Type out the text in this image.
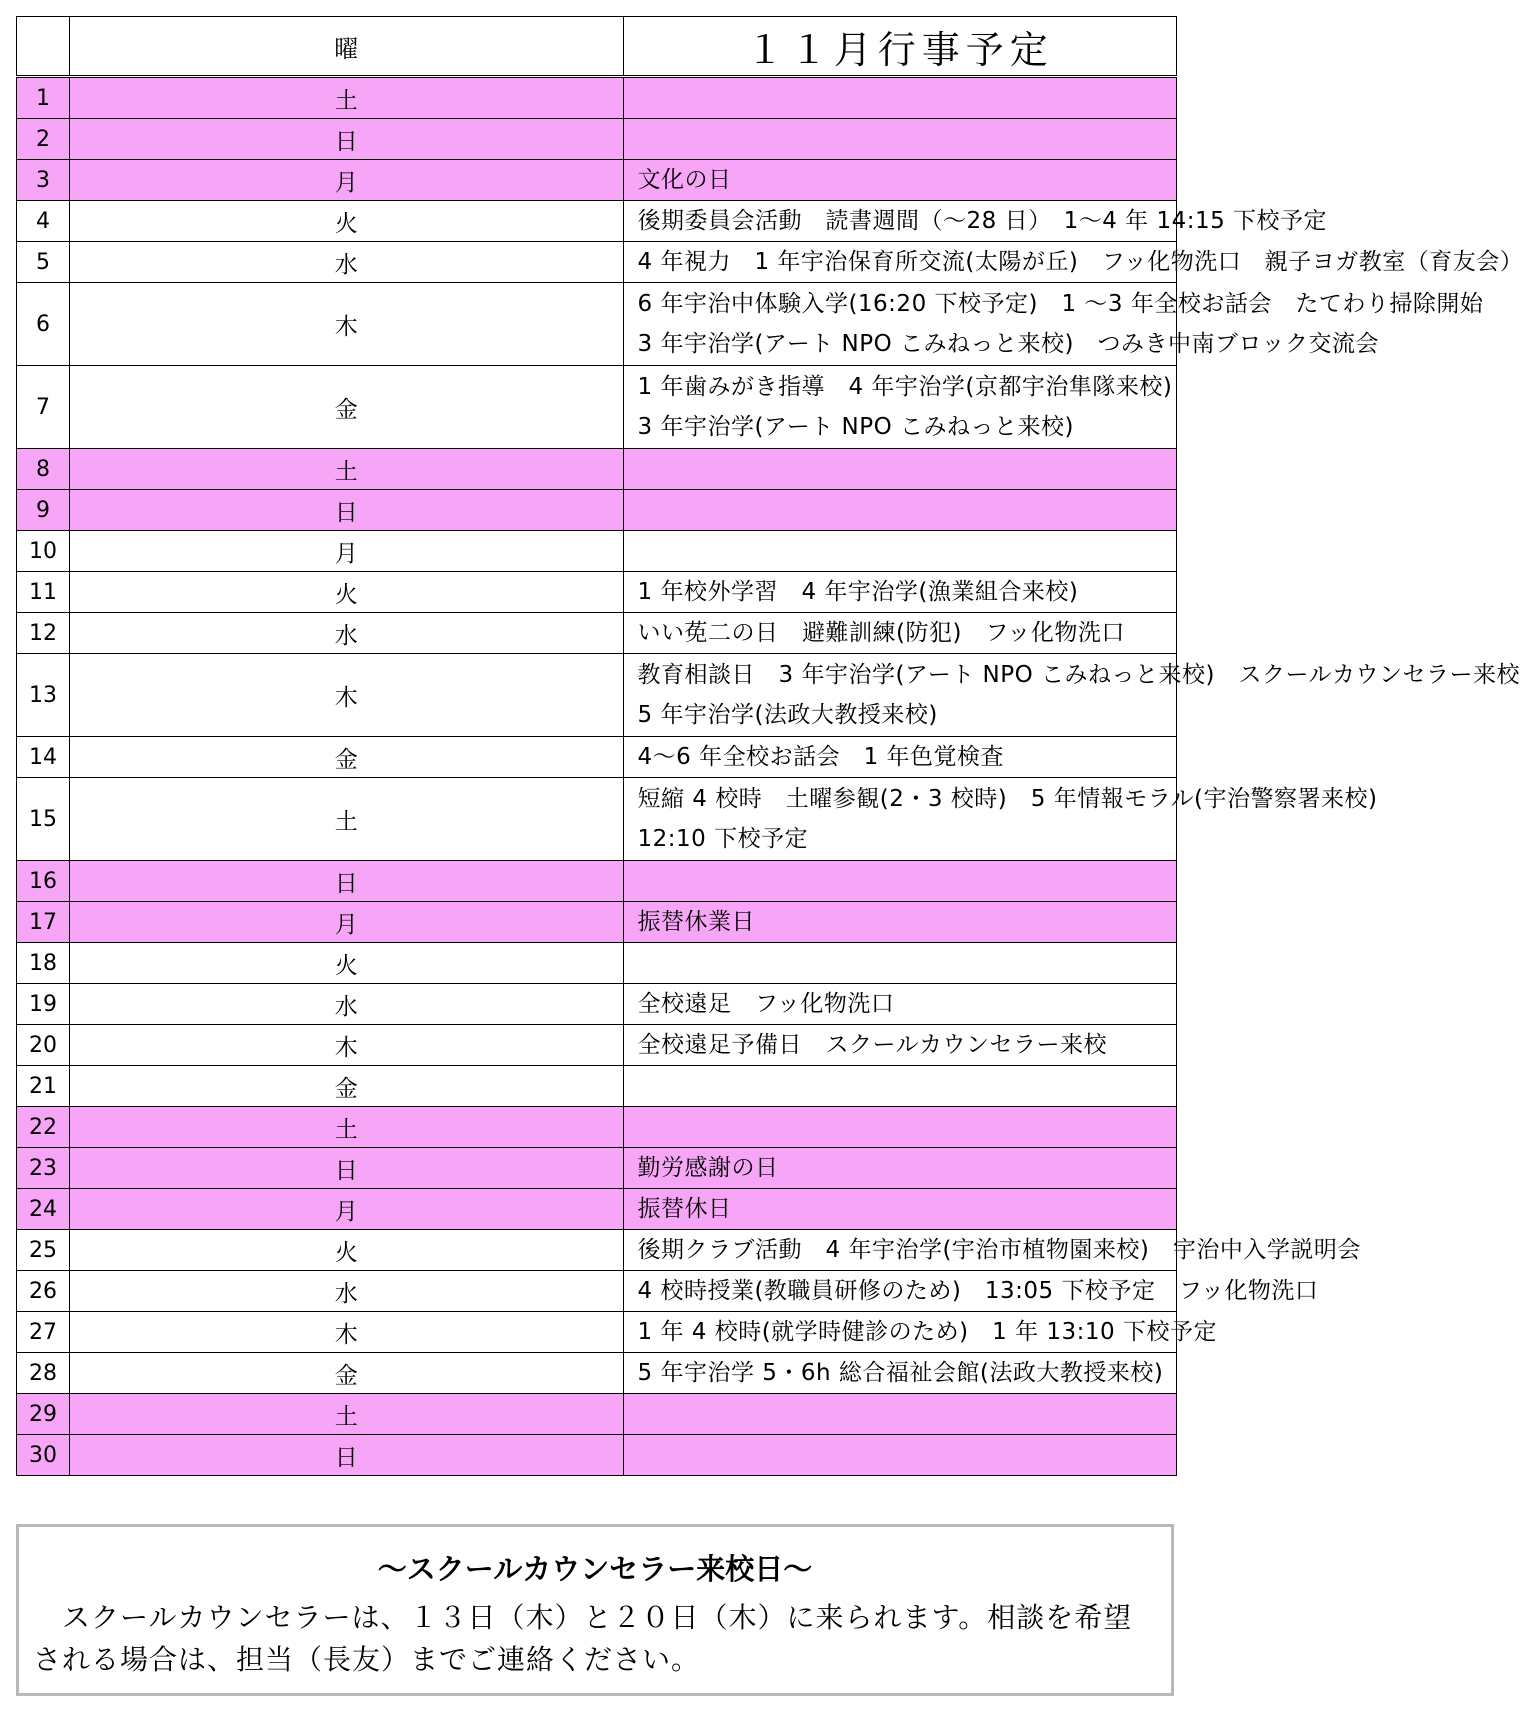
	曜	１１月行事予定
1	土	
2	日	
3	月	文化の日

4	火	後期委員会活動　読書週間（～28 日）　1～4 年 14:15 下校予定

5	水	4 年視力　1 年宇治保育所交流(太陽が丘)　フッ化物洗口　親子ヨガ教室（育友会）

6	木	6 年宇治中体験入学(16:20 下校予定)　1 ～3 年全校お話会　たてわり掃除開始
3 年宇治学(アート NPO こみねっと来校)　つみき中南ブロック交流会

7	金	1 年歯みがき指導　4 年宇治学(京都宇治隼隊来校)
3 年宇治学(アート NPO こみねっと来校)

8	土	
9	日	
10	月	
11	火	1 年校外学習　4 年宇治学(漁業組合来校)

12	水	いい莬二の日　避難訓練(防犯)　フッ化物洗口

13	木	教育相談日　3 年宇治学(アート NPO こみねっと来校)　スクールカウンセラー来校
5 年宇治学(法政大教授来校)

14	金	4～6 年全校お話会　1 年色覚検査

15	土	短縮 4 校時　土曜参観(2・3 校時)　5 年情報モラル(宇治警察署来校)
12:10 下校予定

16	日	
17	月	振替休業日

18	火	
19	水	全校遠足　フッ化物洗口

20	木	全校遠足予備日　スクールカウンセラー来校

21	金	
22	土	
23	日	勤労感謝の日

24	月	振替休日

25	火	後期クラブ活動　4 年宇治学(宇治市植物園来校)　宇治中入学説明会

26	水	4 校時授業(教職員研修のため)　13:05 下校予定　フッ化物洗口

27	木	1 年 4 校時(就学時健診のため)　1 年 13:10 下校予定

28	金	5 年宇治学 5・6h 総合福祉会館(法政大教授来校)

29	土	
30	日	
～スクールカウンセラー来校日～
　スクールカウンセラーは、１３日（木）と２０日（木）に来られます。相談を希望
される場合は、担当（長友）までご連絡ください。
